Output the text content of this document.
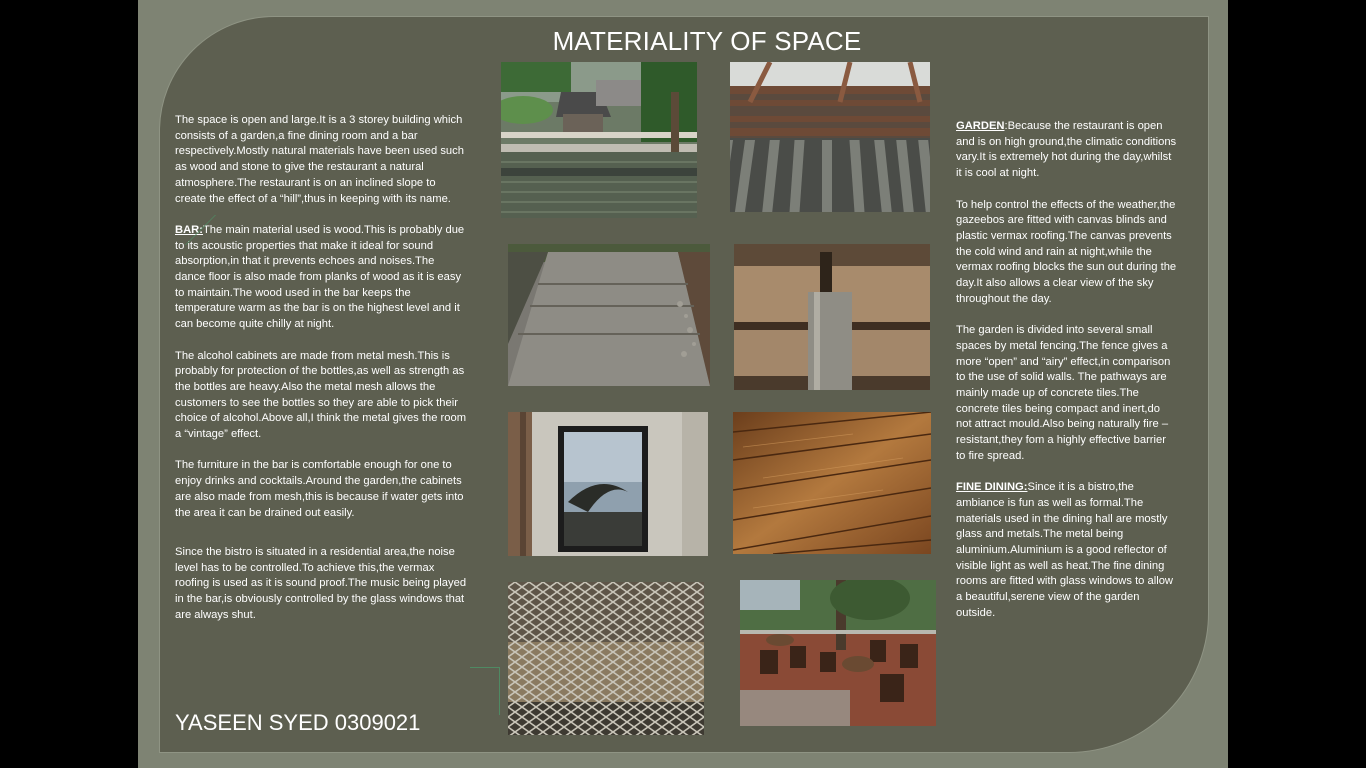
MATERIALITY OF SPACE

The space is open and large.It is a 3 storey building which consists of a garden,a fine dining room and a bar respectively.Mostly natural materials have been used such as wood and stone to give the restaurant a natural atmosphere.The restaurant is on an inclined slope to create the effect of a “hill”,thus in keeping with its name.

BAR:The main material used is wood.This is probably due to its acoustic properties that make it ideal for sound absorption,in that it prevents echoes and noises.The dance floor is also made from planks of wood as it is easy to maintain.The wood used in the bar keeps the temperature warm as the bar is on the highest level and it can become quite chilly at night.

The alcohol cabinets are made from metal mesh.This is probably for protection of the bottles,as well as strength as the bottles are heavy.Also the metal mesh allows the customers to see the bottles so they are able to pick their choice of alcohol.Above all,I think the metal gives the room a “vintage” effect.

The furniture in the bar is comfortable enough for one to enjoy drinks and cocktails.Around the garden,the cabinets are also made from mesh,this is because if water gets into the area it can be drained out easily.

Since the bistro is situated in a residential area,the noise level has to be controlled.To achieve this,the vermax roofing is used as it is sound proof.The music being played in the bar,is obviously controlled by the glass windows that are always shut.

GARDEN:Because the restaurant is open and is on high ground,the climatic conditions vary.It is extremely hot during the day,whilst it is cool at night.

To help control the effects of the weather,the gazeebos are fitted with canvas blinds and plastic vermax roofing.The canvas prevents the cold wind and rain at night,while the vermax roofing blocks the sun out during the day.It also allows a clear view of the sky throughout the day.

The garden is divided into several small spaces by metal fencing.The fence gives a more “open” and “airy” effect,in comparison to the use of solid walls. The pathways are mainly made up of concrete tiles.The concrete tiles being compact and inert,do not attract mould.Also being naturally fire –resistant,they fom a highly effective barrier to fire spread.

FINE DINING:Since it is a bistro,the ambiance is fun as well as formal.The materials used in the dining hall are mostly glass and metals.The metal being aluminium.Aluminium is a good reflector of visible light as well as heat.The fine dining rooms are fitted with glass windows to allow a beautiful,serene view of the garden outside.

YASEEN SYED 0309021
